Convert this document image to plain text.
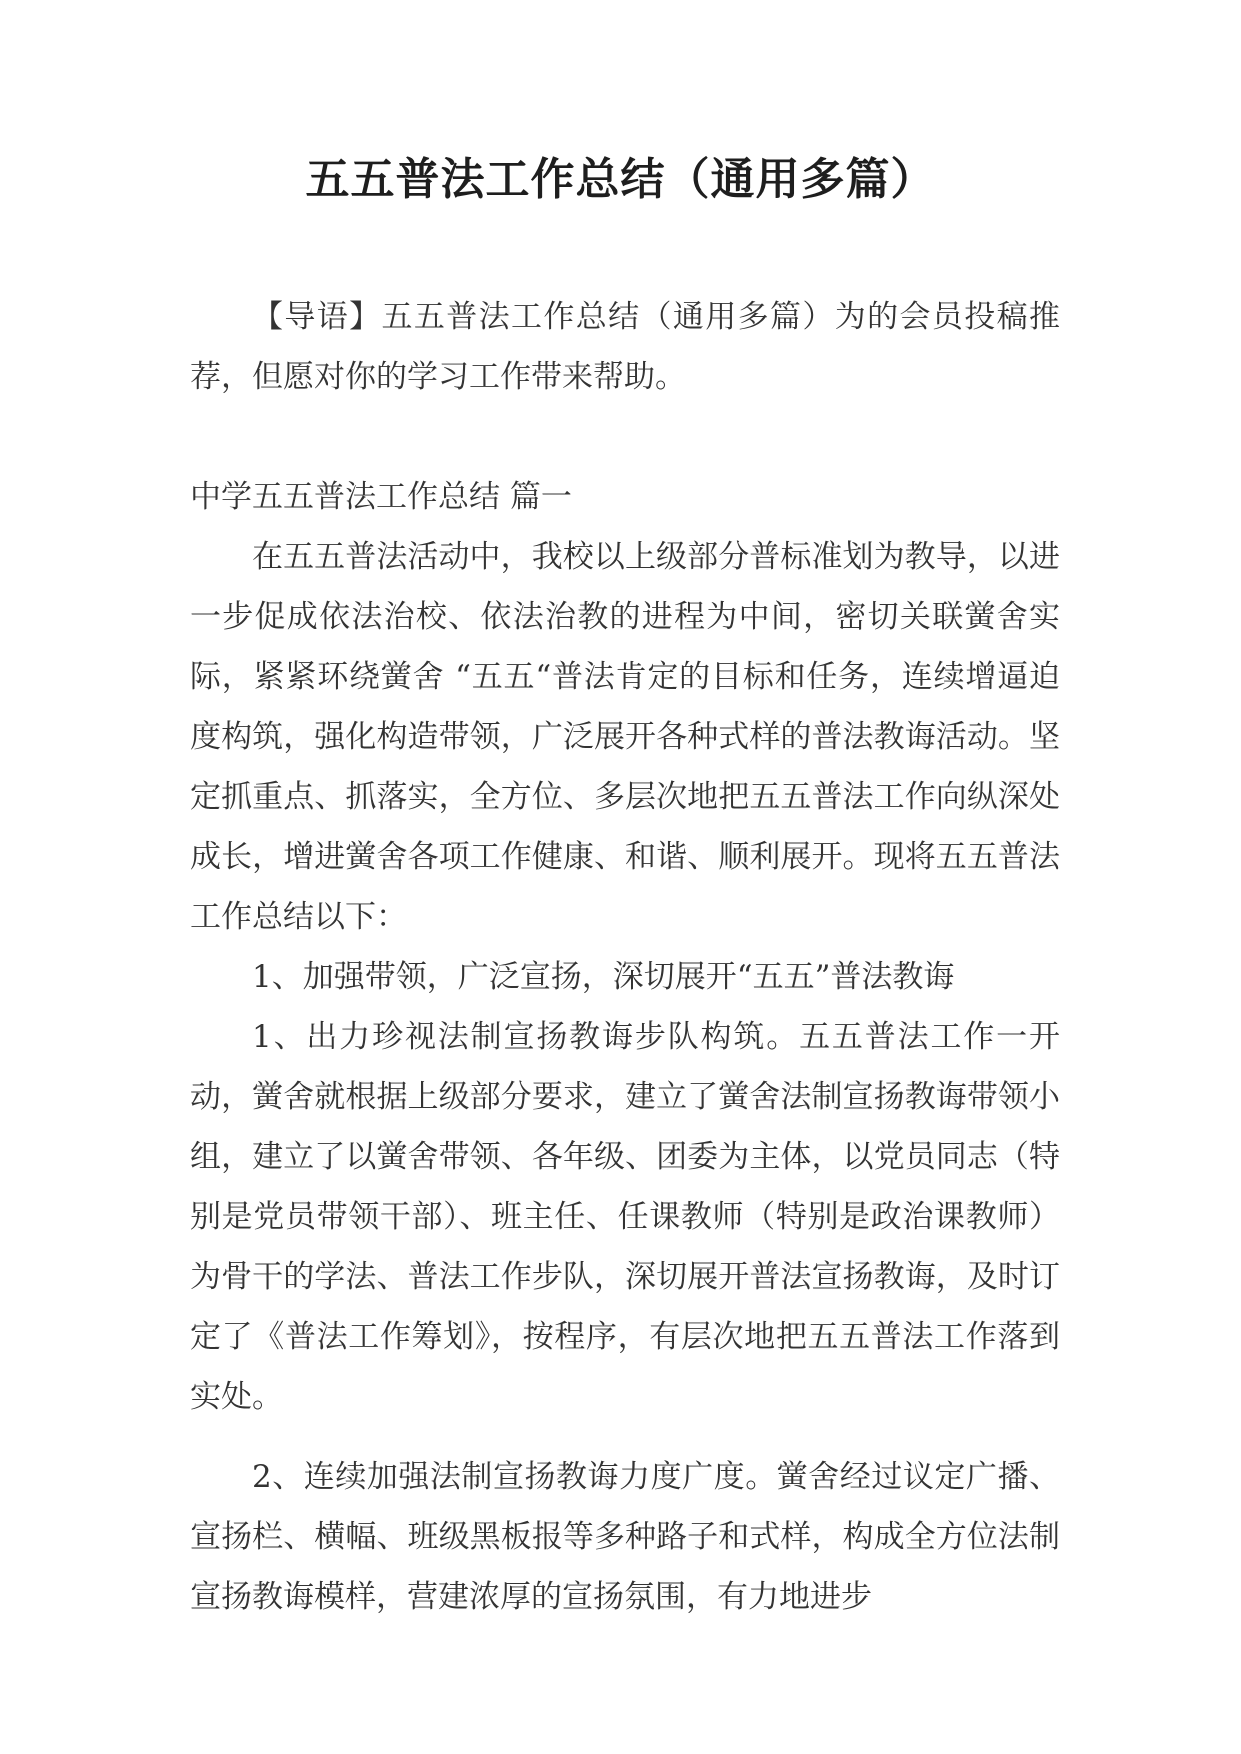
五五普法工作总结（通用多篇）

【导语】五五普法工作总结（通用多篇）为的会员投稿推荐，但愿对你的学习工作带来帮助。

中学五五普法工作总结 篇一

在五五普法活动中，我校以上级部分普标准划为教导，以进一步促成依法治校、依法治教的进程为中间，密切关联黉舍实际，紧紧环绕黉舍 “五五“普法肯定的目标和任务，连续增逼迫度构筑，强化构造带领，广泛展开各种式样的普法教诲活动。坚定抓重点、抓落实，全方位、多层次地把五五普法工作向纵深处成长，增进黉舍各项工作健康、和谐、顺利展开。现将五五普法工作总结以下：

1、加强带领，广泛宣扬，深切展开“五五”普法教诲

1、出力珍视法制宣扬教诲步队构筑。五五普法工作一开动，黉舍就根据上级部分要求，建立了黉舍法制宣扬教诲带领小组，建立了以黉舍带领、各年级、团委为主体，以党员同志（特别是党员带领干部）、班主任、任课教师（特别是政治课教师）为骨干的学法、普法工作步队，深切展开普法宣扬教诲，及时订定了《普法工作筹划》，按程序，有层次地把五五普法工作落到实处。

2、连续加强法制宣扬教诲力度广度。黉舍经过议定广播、宣扬栏、横幅、班级黑板报等多种路子和式样，构成全方位法制宣扬教诲模样，营建浓厚的宣扬氛围，有力地进步
